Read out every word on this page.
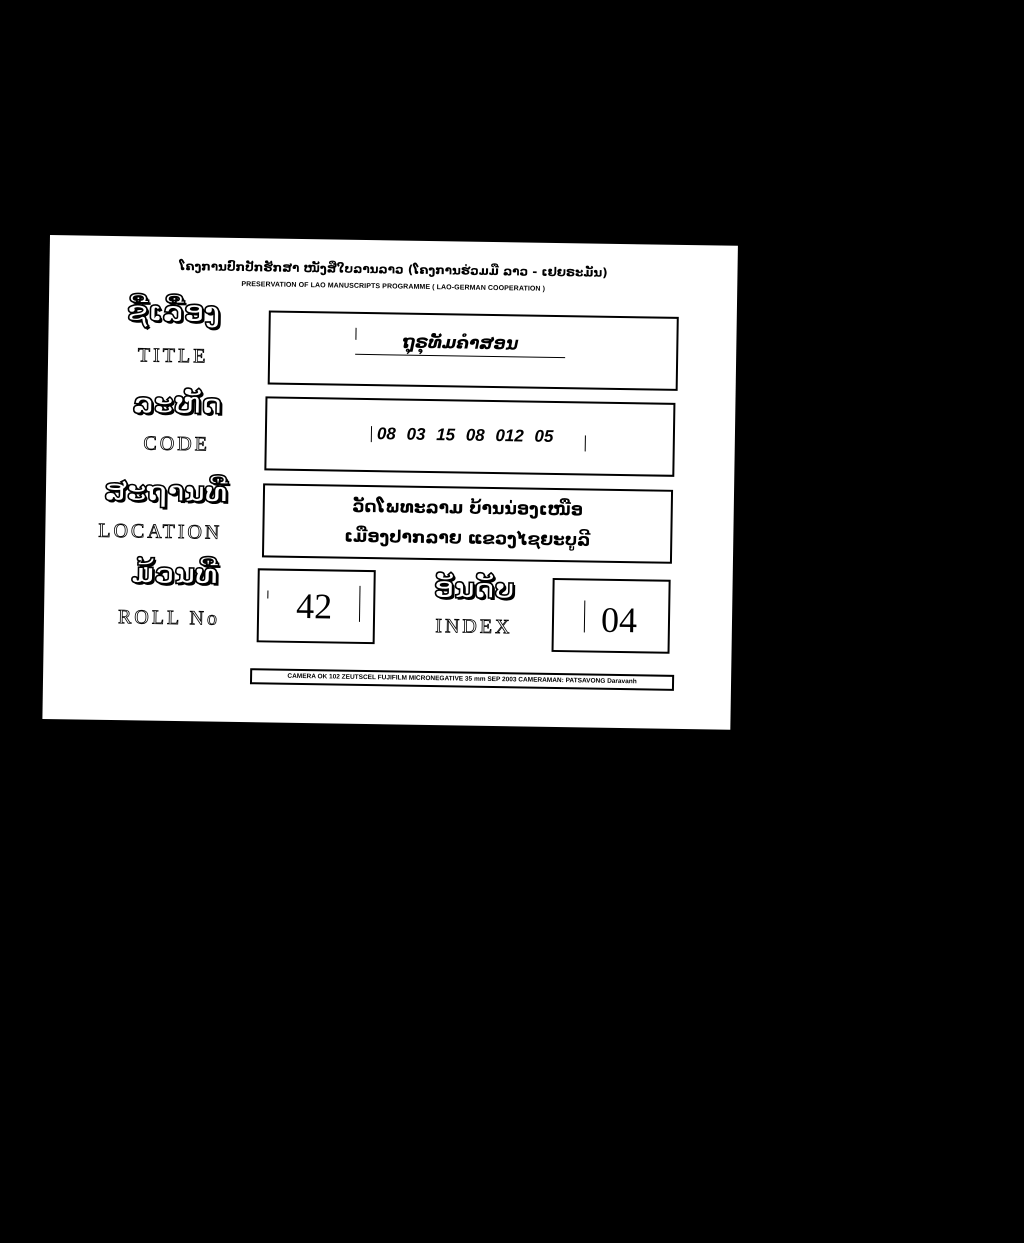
ໂຄງການປົກປັກຮັກສາ ໜັງສືໃບລານລາວ (ໂຄງການຮ່ວມມື ລາວ - ເຢຍຣະມັນ)
PRESERVATION OF LAO MANUSCRIPTS PROGRAMME ( LAO-GERMAN COOPERATION )
ຊື່ເລື່ອງ
TITLE
ຖຸຣຸທັມຄຳສອນ
ລະຫັດ
CODE	08 03 15 08 012 05
ສະຖານທີ່
LOCATION
ວັດໂພທະລາມ ບ້ານນ່ອງເໜືອ
ເມືອງປາກລາຍ ແຂວງໄຊຍະບູລີ
ມ້ວນທີ່
ROLL No	42	ອັນດັບ
INDEX	04
CAMERA OK 102 ZEUTSCEL FUJIFILM MICRONEGATIVE 35 mm SEP 2003 CAMERAMAN: PATSAVONG Daravanh
